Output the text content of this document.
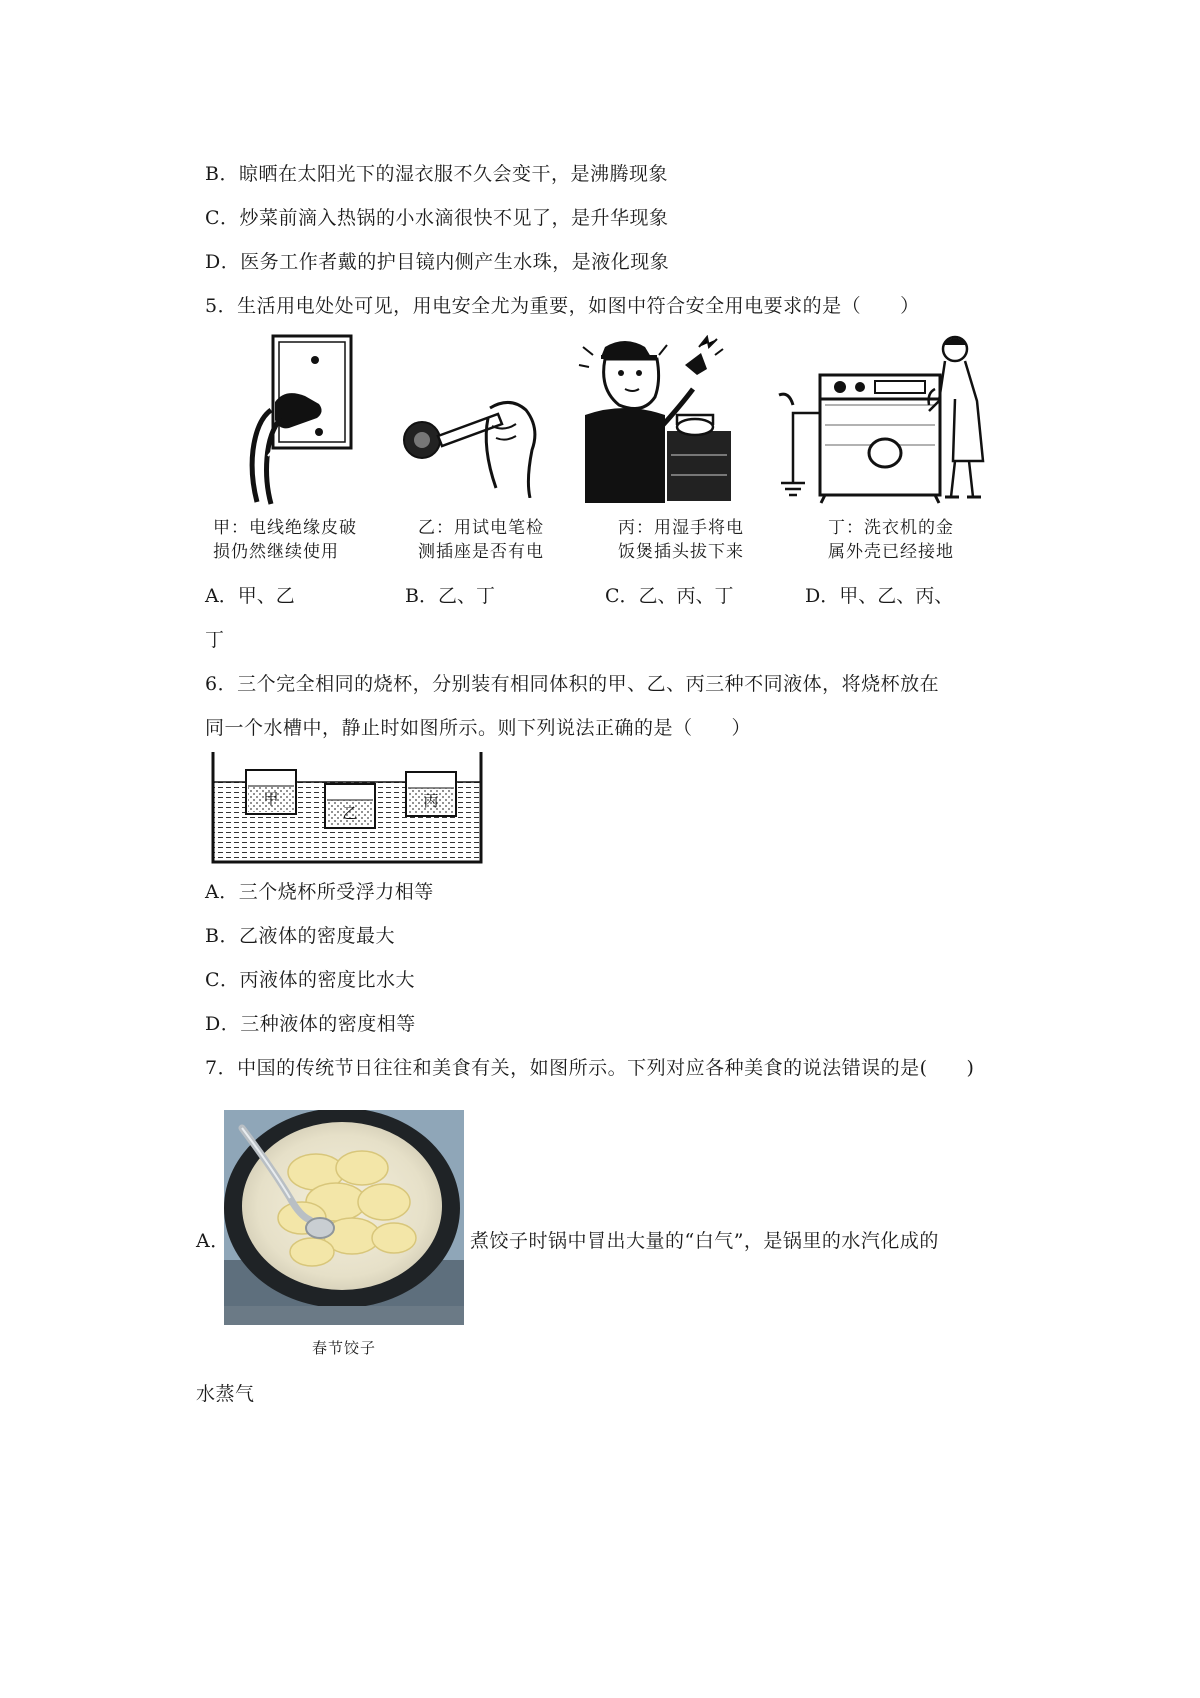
B．晾晒在太阳光下的湿衣服不久会变干，是沸腾现象
C．炒菜前滴入热锅的小水滴很快不见了，是升华现象
D．医务工作者戴的护目镜内侧产生水珠，是液化现象
5．生活用电处处可见，用电安全尤为重要，如图中符合安全用电要求的是（　　）
甲：电线绝缘皮破
损仍然继续使用
乙：用试电笔检
测插座是否有电
丙：用湿手将电
饭煲插头拔下来
丁：洗衣机的金
属外壳已经接地
A．甲、乙	B．乙、丁	C．乙、丙、丁	D．甲、乙、丙、
丁
6．三个完全相同的烧杯，分别装有相同体积的甲、乙、丙三种不同液体，将烧杯放在
同一个水槽中，静止时如图所示。则下列说法正确的是（　　）
甲
乙
丙
A．三个烧杯所受浮力相等
B．乙液体的密度最大
C．丙液体的密度比水大
D．三种液体的密度相等
7．中国的传统节日往往和美食有关，如图所示。下列对应各种美食的说法错误的是(　　)
春节饺子
A．	煮饺子时锅中冒出大量的“白气”，是锅里的水汽化成的
水蒸气
